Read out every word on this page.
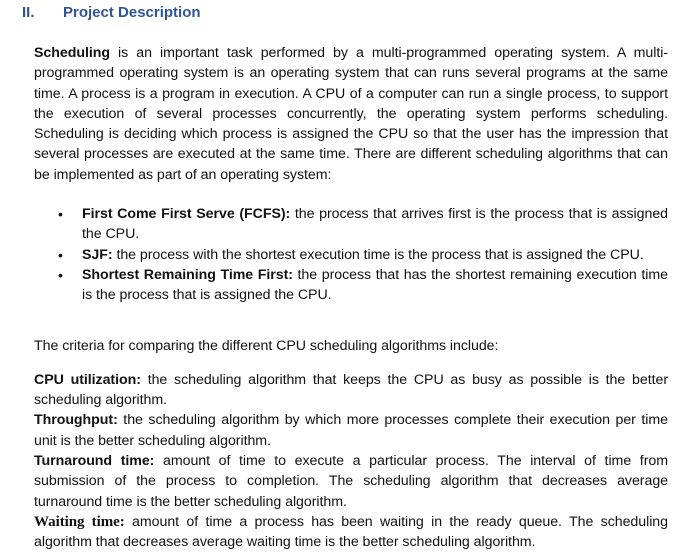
II. Project Description

Scheduling is an important task performed by a multi-programmed operating system. A multi-programmed operating system is an operating system that can runs several programs at the same time. A process is a program in execution. A CPU of a computer can run a single process, to support the execution of several processes concurrently, the operating system performs scheduling. Scheduling is deciding which process is assigned the CPU so that the user has the impression that several processes are executed at the same time. There are different scheduling algorithms that can be implemented as part of an operating system:

• First Come First Serve (FCFS): the process that arrives first is the process that is assigned the CPU.
• SJF: the process with the shortest execution time is the process that is assigned the CPU.
• Shortest Remaining Time First: the process that has the shortest remaining execution time is the process that is assigned the CPU.

The criteria for comparing the different CPU scheduling algorithms include:

CPU utilization: the scheduling algorithm that keeps the CPU as busy as possible is the better scheduling algorithm.

Throughput: the scheduling algorithm by which more processes complete their execution per time unit is the better scheduling algorithm.

Turnaround time: amount of time to execute a particular process. The interval of time from submission of the process to completion. The scheduling algorithm that decreases average turnaround time is the better scheduling algorithm.

Waiting time: amount of time a process has been waiting in the ready queue. The scheduling algorithm that decreases average waiting time is the better scheduling algorithm.
